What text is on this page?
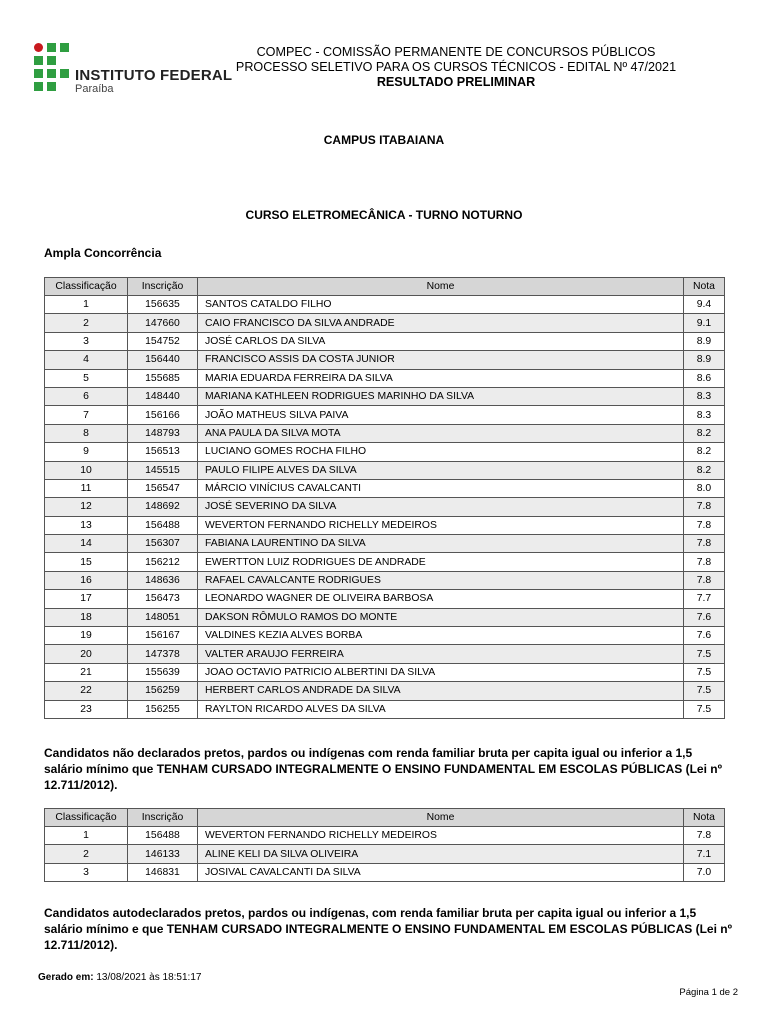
INSTITUTO FEDERAL
Paraíba
COMPEC - COMISSÃO PERMANENTE DE CONCURSOS PÚBLICOS
PROCESSO SELETIVO PARA OS CURSOS TÉCNICOS - EDITAL Nº 47/2021
RESULTADO PRELIMINAR
CAMPUS ITABAIANA
CURSO ELETROMECÂNICA - TURNO NOTURNO
Ampla Concorrência
Classificação	Inscrição	Nome	Nota
1	156635	SANTOS CATALDO FILHO	9.4
2	147660	CAIO FRANCISCO DA SILVA ANDRADE	9.1
3	154752	JOSÉ CARLOS DA SILVA	8.9
4	156440	FRANCISCO ASSIS DA COSTA JUNIOR	8.9
5	155685	MARIA EDUARDA FERREIRA DA SILVA	8.6
6	148440	MARIANA KATHLEEN RODRIGUES MARINHO DA SILVA	8.3
7	156166	JOÃO MATHEUS SILVA PAIVA	8.3
8	148793	ANA PAULA DA SILVA MOTA	8.2
9	156513	LUCIANO GOMES ROCHA FILHO	8.2
10	145515	PAULO FILIPE ALVES DA SILVA	8.2
11	156547	MÁRCIO VINÍCIUS CAVALCANTI	8.0
12	148692	JOSÉ SEVERINO DA SILVA	7.8
13	156488	WEVERTON FERNANDO RICHELLY MEDEIROS	7.8
14	156307	FABIANA LAURENTINO DA SILVA	7.8
15	156212	EWERTTON LUIZ RODRIGUES DE ANDRADE	7.8
16	148636	RAFAEL CAVALCANTE RODRIGUES	7.8
17	156473	LEONARDO WAGNER DE OLIVEIRA BARBOSA	7.7
18	148051	DAKSON RÔMULO RAMOS DO MONTE	7.6
19	156167	VALDINES KEZIA ALVES BORBA	7.6
20	147378	VALTER ARAUJO FERREIRA	7.5
21	155639	JOAO OCTAVIO PATRICIO ALBERTINI DA SILVA	7.5
22	156259	HERBERT CARLOS ANDRADE DA SILVA	7.5
23	156255	RAYLTON RICARDO ALVES DA SILVA	7.5
Candidatos não declarados pretos, pardos ou indígenas com renda familiar bruta per capita igual ou inferior a 1,5 salário mínimo que TENHAM CURSADO INTEGRALMENTE O ENSINO FUNDAMENTAL EM ESCOLAS PÚBLICAS (Lei nº 12.711/2012).
Classificação	Inscrição	Nome	Nota
1	156488	WEVERTON FERNANDO RICHELLY MEDEIROS	7.8
2	146133	ALINE KELI DA SILVA OLIVEIRA	7.1
3	146831	JOSIVAL CAVALCANTI DA SILVA	7.0
Candidatos autodeclarados pretos, pardos ou indígenas, com renda familiar bruta per capita igual ou inferior a 1,5 salário mínimo e que TENHAM CURSADO INTEGRALMENTE O ENSINO FUNDAMENTAL EM ESCOLAS PÚBLICAS (Lei nº 12.711/2012).
Gerado em: 13/08/2021 às 18:51:17
Página 1 de 2
